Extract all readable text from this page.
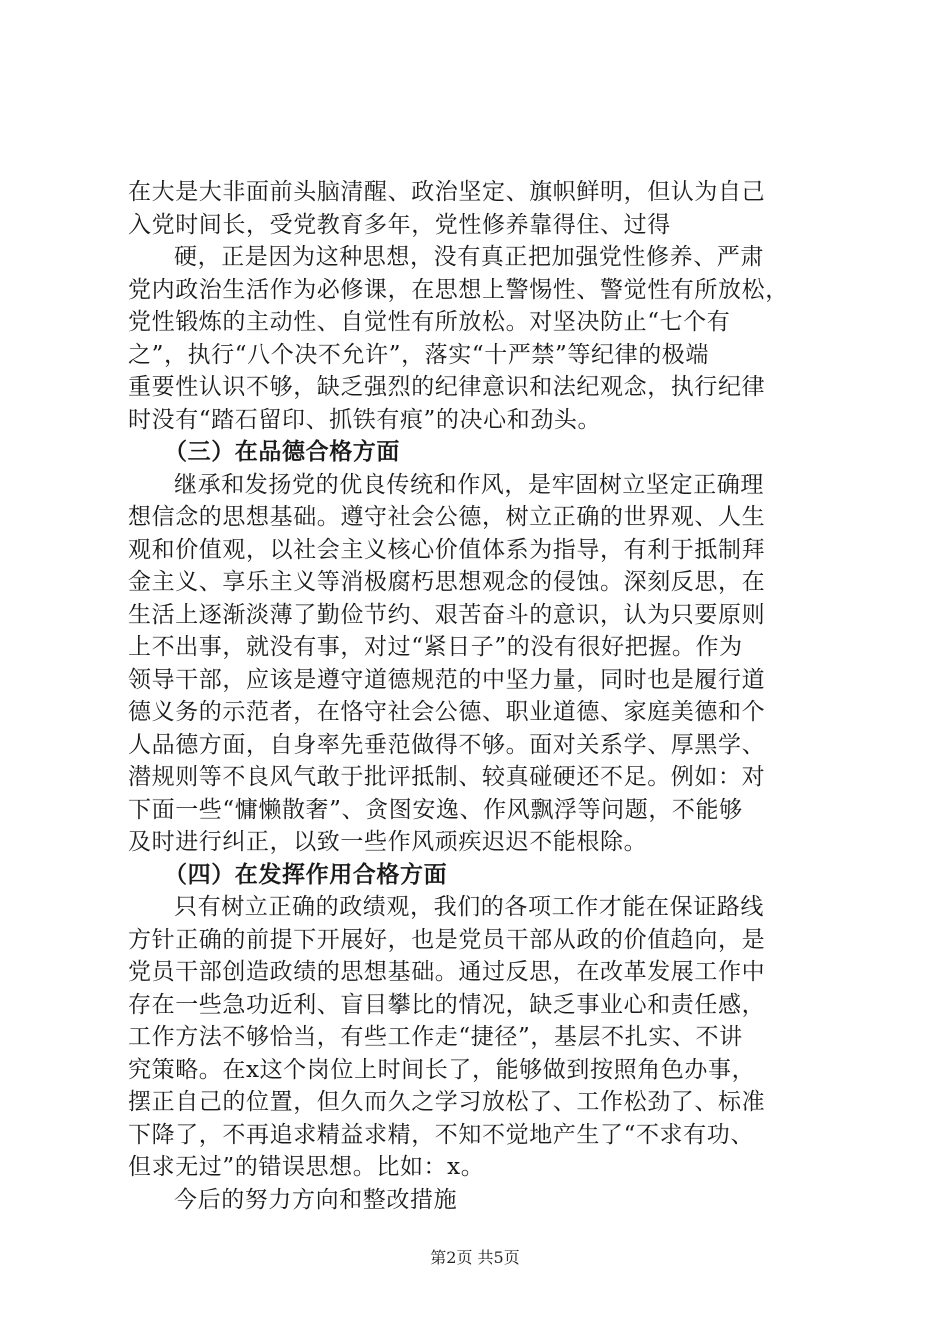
在大是大非面前头脑清醒、政治坚定、旗帜鲜明，但认为自己
入党时间长，受党教育多年，党性修养靠得住、过得
硬，正是因为这种思想，没有真正把加强党性修养、严肃
党内政治生活作为必修课，在思想上警惕性、警觉性有所放松，
党性锻炼的主动性、自觉性有所放松。对坚决防止“七个有
之”，执行“八个决不允许”，落实“十严禁”等纪律的极端
重要性认识不够，缺乏强烈的纪律意识和法纪观念，执行纪律
时没有“踏石留印、抓铁有痕”的决心和劲头。
（三）在品德合格方面
继承和发扬党的优良传统和作风，是牢固树立坚定正确理
想信念的思想基础。遵守社会公德，树立正确的世界观、人生
观和价值观，以社会主义核心价值体系为指导，有利于抵制拜
金主义、享乐主义等消极腐朽思想观念的侵蚀。深刻反思，在
生活上逐渐淡薄了勤俭节约、艰苦奋斗的意识，认为只要原则
上不出事，就没有事，对过“紧日子”的没有很好把握。作为
领导干部，应该是遵守道德规范的中坚力量，同时也是履行道
德义务的示范者，在恪守社会公德、职业道德、家庭美德和个
人品德方面，自身率先垂范做得不够。面对关系学、厚黑学、
潜规则等不良风气敢于批评抵制、较真碰硬还不足。例如：对
下面一些“慵懒散奢”、贪图安逸、作风飘浮等问题，不能够
及时进行纠正，以致一些作风顽疾迟迟不能根除。
（四）在发挥作用合格方面
只有树立正确的政绩观，我们的各项工作才能在保证路线
方针正确的前提下开展好，也是党员干部从政的价值趋向，是
党员干部创造政绩的思想基础。通过反思，在改革发展工作中
存在一些急功近利、盲目攀比的情况，缺乏事业心和责任感，
工作方法不够恰当，有些工作走“捷径”，基层不扎实、不讲
究策略。在x这个岗位上时间长了，能够做到按照角色办事，
摆正自己的位置，但久而久之学习放松了、工作松劲了、标准
下降了，不再追求精益求精，不知不觉地产生了“不求有功、
但求无过”的错误思想。比如：x。
今后的努力方向和整改措施
第2页 共5页
